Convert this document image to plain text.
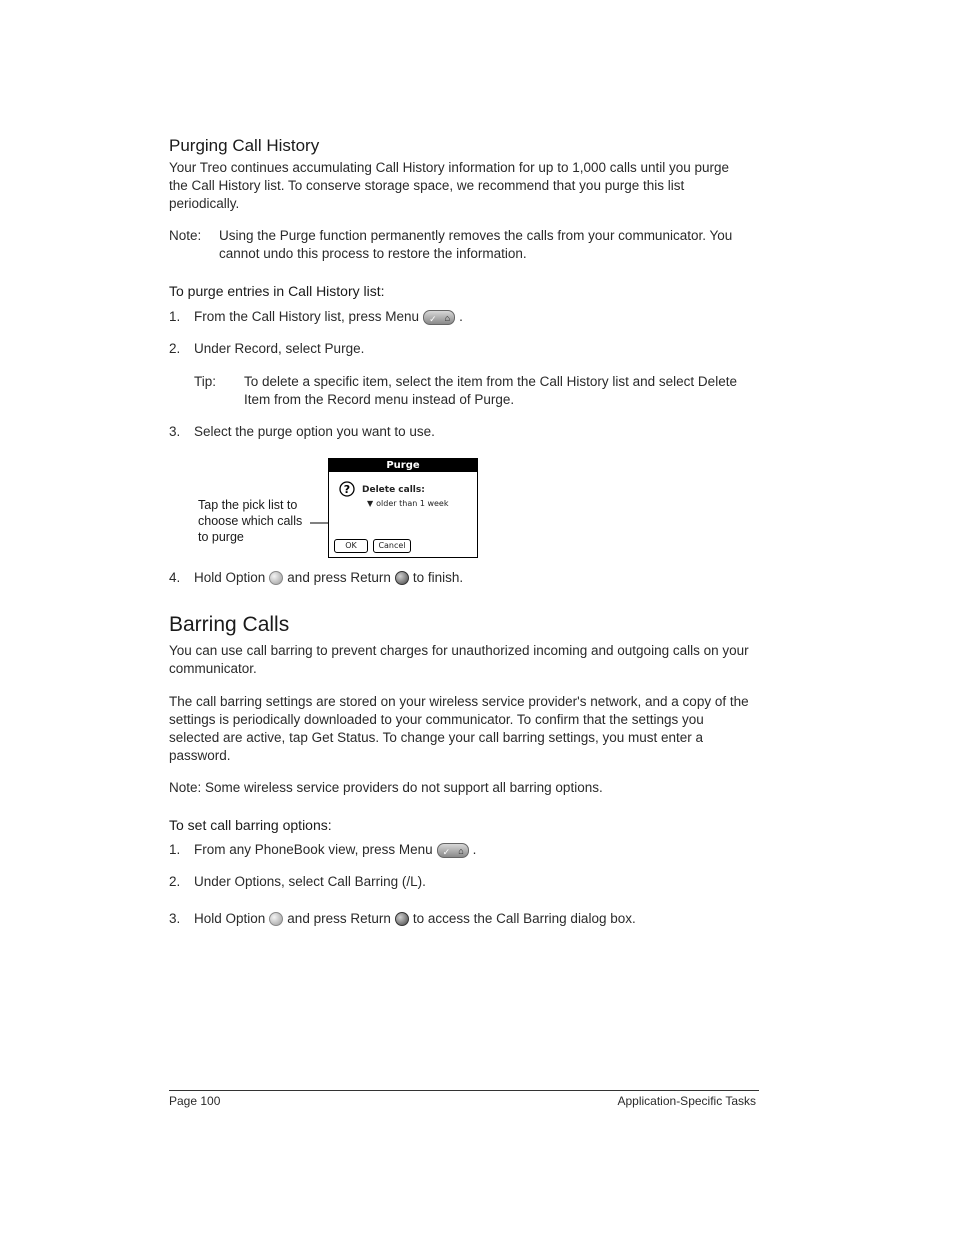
Purging Call History
Your Treo continues accumulating Call History information for up to 1,000 calls until you purge
the Call History list. To conserve storage space, we recommend that you purge this list
periodically.
Note: Using the Purge function permanently removes the calls from your communicator. You
cannot undo this process to restore the information.
To purge entries in Call History list:
1.	From the Call History list, press Menu ✓ ⌂	.
2.	Under Record, select Purge.
Tip: To delete a specific item, select the item from the Call History list and select Delete
Item from the Record menu instead of Purge.
3.	Select the purge option you want to use.
Tap the pick list to
choose which calls
to purge
Purge
? Delete calls:
▼ older than 1 week
OK	Cancel
4.	Hold Option and press Return to finish.
Barring Calls
You can use call barring to prevent charges for unauthorized incoming and outgoing calls on your
communicator.
The call barring settings are stored on your wireless service provider's network, and a copy of the
settings is periodically downloaded to your communicator. To confirm that the settings you
selected are active, tap Get Status. To change your call barring settings, you must enter a
password.
Note: Some wireless service providers do not support all barring options.
To set call barring options:
1.	From any PhoneBook view, press Menu ✓ ⌂	.
2.	Under Options, select Call Barring (/L).
3.	Hold Option and press Return to access the Call Barring dialog box.
Page 100	Application-Specific Tasks
